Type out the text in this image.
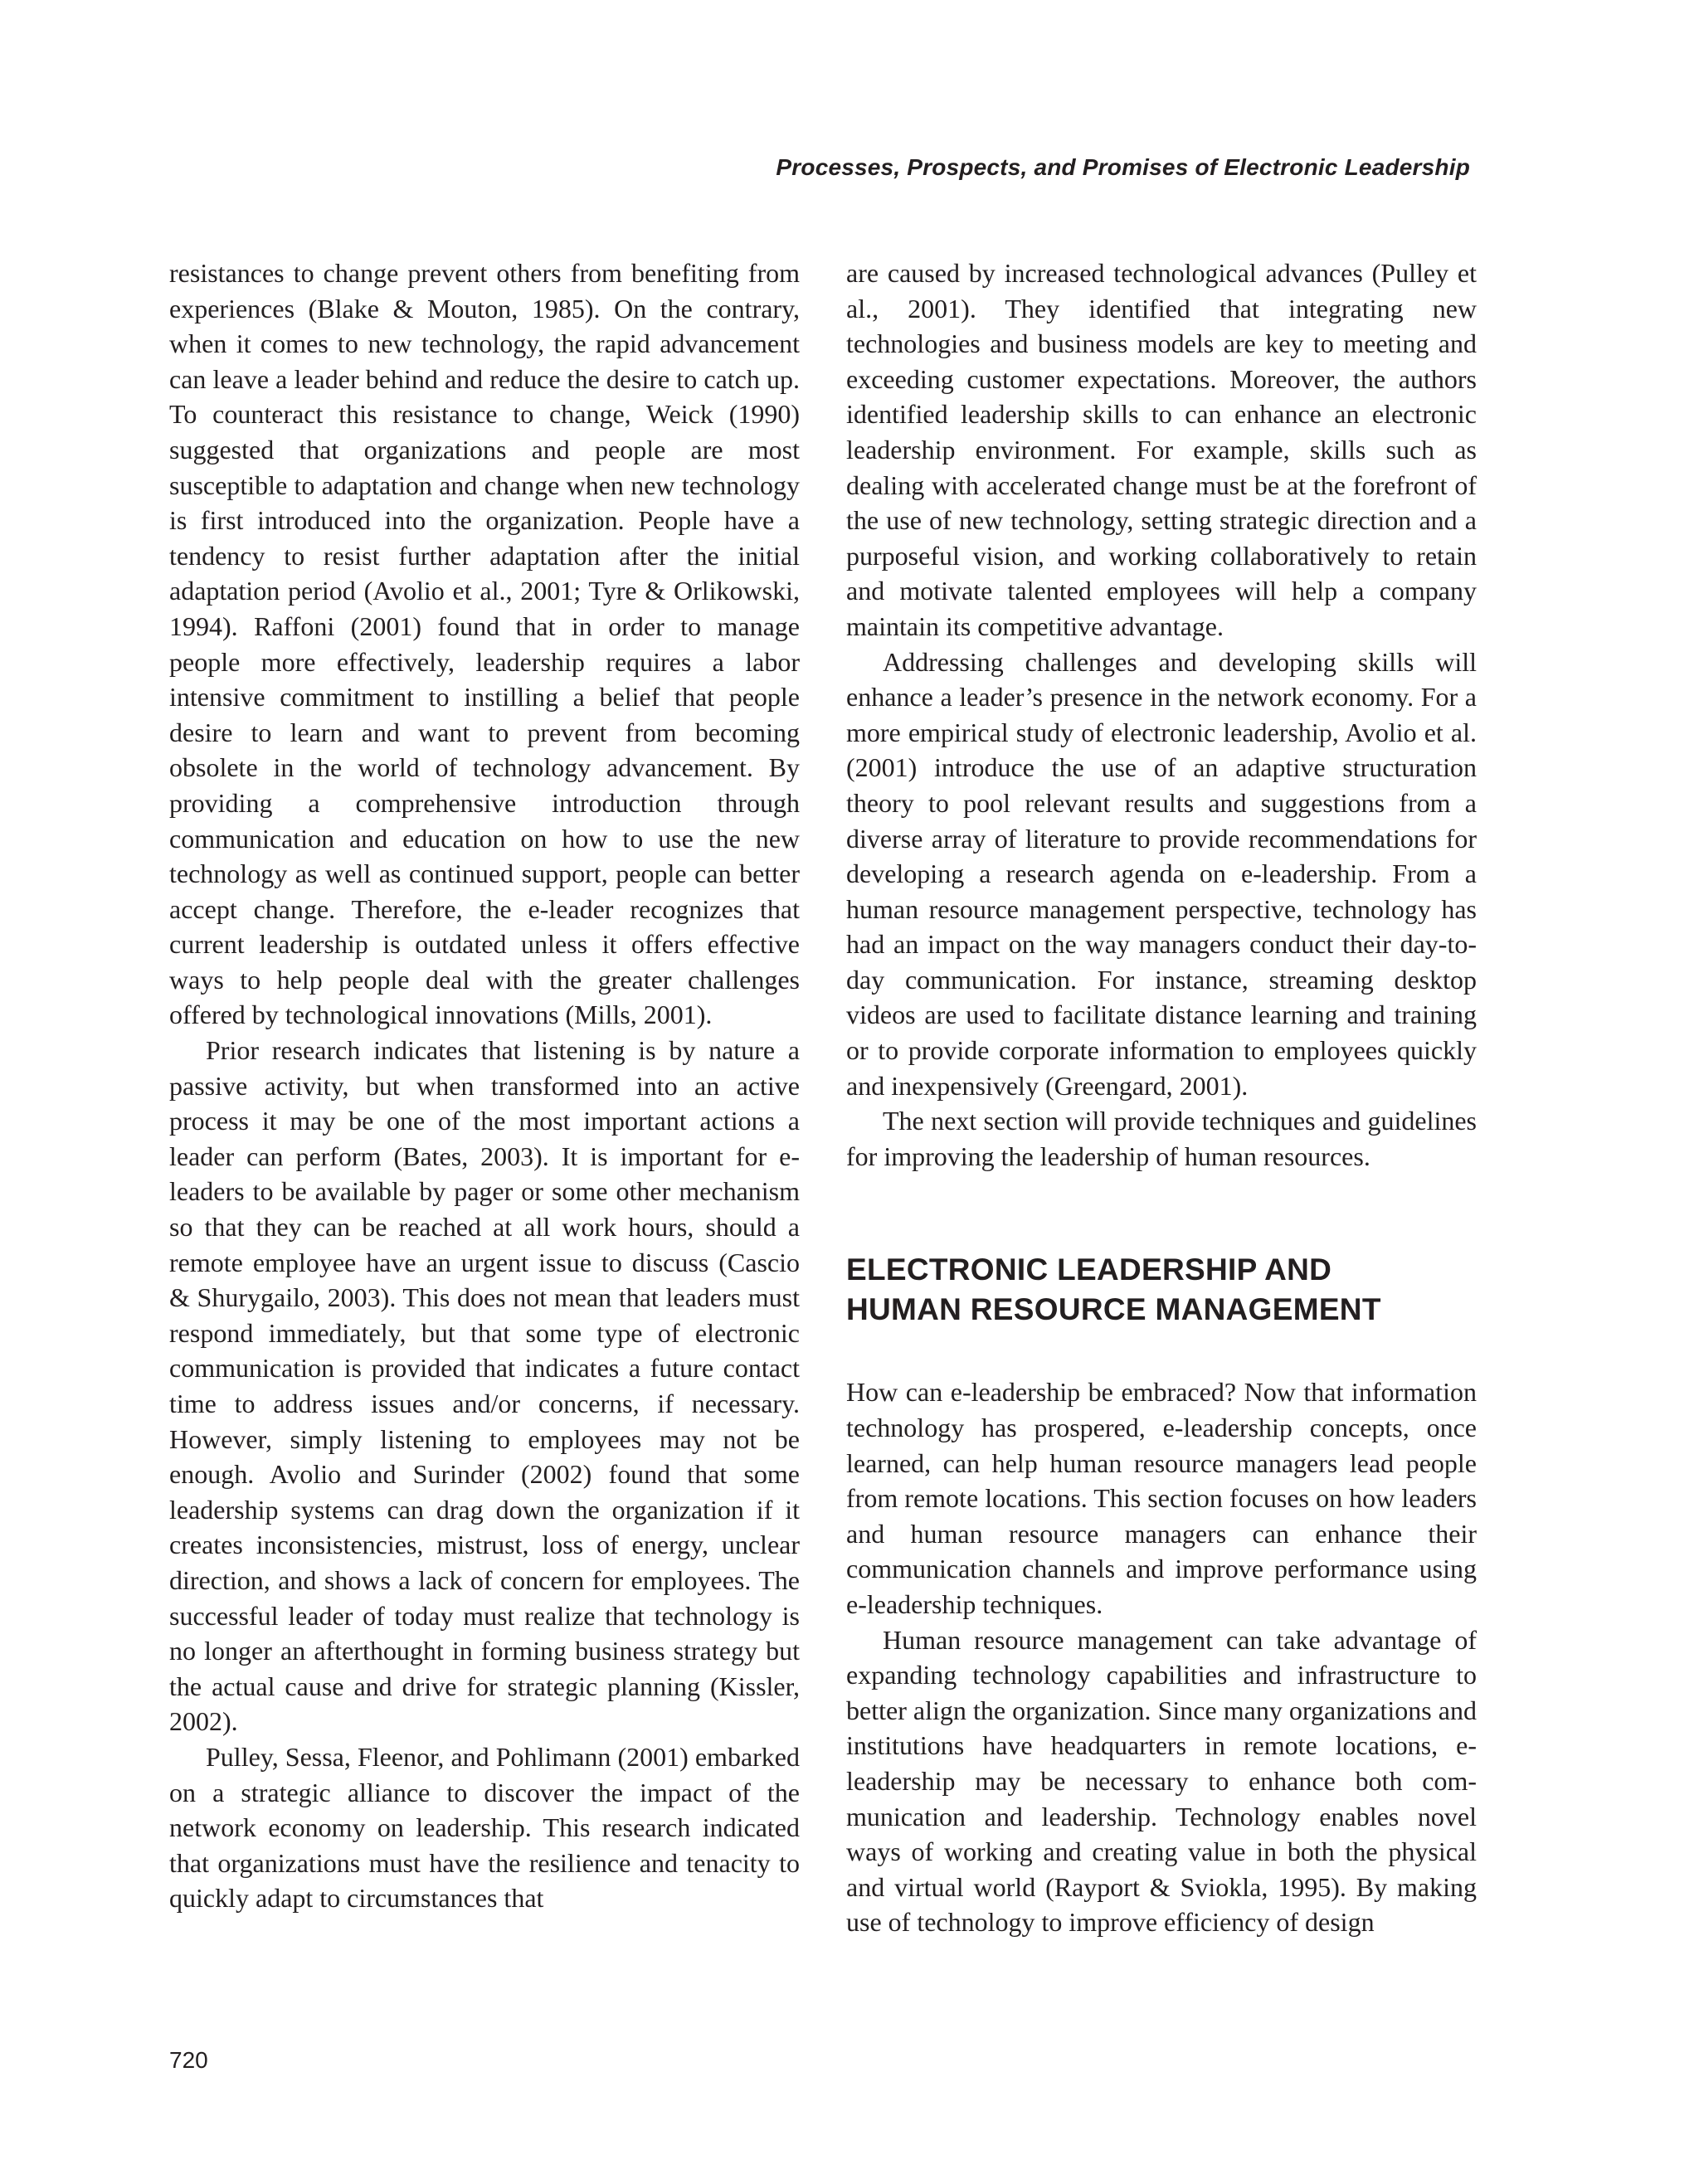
Processes, Prospects, and Promises of Electronic Leadership

resistances to change prevent others from benefiting from experiences (Blake & Mouton, 1985). On the contrary, when it comes to new technology, the rapid advancement can leave a leader behind and reduce the desire to catch up. To counteract this resistance to change, Weick (1990) suggested that organizations and people are most susceptible to adaptation and change when new technology is first introduced into the organization. People have a tendency to resist further adaptation after the initial adaptation period (Avolio et al., 2001; Tyre & Orlikowski, 1994). Raffoni (2001) found that in order to manage people more effectively, leadership requires a labor intensive commitment to instilling a belief that people desire to learn and want to prevent from becoming obsolete in the world of technology advancement. By providing a comprehensive introduction through communication and education on how to use the new technology as well as continued support, people can better accept change. Therefore, the e-leader recognizes that current leadership is outdated unless it offers effective ways to help people deal with the greater challenges offered by technological innovations (Mills, 2001).

Prior research indicates that listening is by nature a passive activity, but when transformed into an active process it may be one of the most important actions a leader can perform (Bates, 2003). It is important for e-leaders to be available by pager or some other mechanism so that they can be reached at all work hours, should a remote employee have an urgent issue to discuss (Cascio & Shurygailo, 2003). This does not mean that leaders must respond immediately, but that some type of electronic communication is provided that indicates a future contact time to address issues and/or concerns, if necessary. However, simply listening to employees may not be enough. Avolio and Surinder (2002) found that some leadership systems can drag down the organization if it creates inconsistencies, mistrust, loss of energy, unclear direction, and shows a lack of concern for employees. The successful leader of today must realize that technology is no longer an afterthought in forming business strategy but the actual cause and drive for strategic planning (Kissler, 2002).

Pulley, Sessa, Fleenor, and Pohlimann (2001) embarked on a strategic alliance to discover the impact of the network economy on leadership. This research indicated that organizations must have the resilience and tenacity to quickly adapt to circumstances that

are caused by increased technological advances (Pulley et al., 2001). They identified that integrating new technologies and business models are key to meeting and exceeding customer expectations. Moreover, the authors identified leadership skills to can enhance an electronic leadership environment. For example, skills such as dealing with accelerated change must be at the forefront of the use of new technology, setting strategic direction and a purposeful vision, and working collaboratively to retain and motivate talented employees will help a company maintain its competitive advantage.

Addressing challenges and developing skills will enhance a leader’s presence in the network economy. For a more empirical study of electronic leadership, Avolio et al. (2001) introduce the use of an adaptive structuration theory to pool relevant results and suggestions from a diverse array of literature to provide recommendations for developing a research agenda on e-leadership. From a human resource management perspective, technology has had an impact on the way managers conduct their day-to-day communication. For instance, streaming desktop videos are used to facilitate distance learning and training or to provide corporate information to employees quickly and inexpensively (Greengard, 2001).

The next section will provide techniques and guidelines for improving the leadership of human resources.

ELECTRONIC LEADERSHIP AND
HUMAN RESOURCE MANAGEMENT

How can e-leadership be embraced? Now that information technology has prospered, e-leadership concepts, once learned, can help human resource managers lead people from remote locations. This section focuses on how leaders and human resource managers can enhance their communication channels and improve performance using e-leadership techniques.

Human resource management can take advantage of expanding technology capabilities and infrastructure to better align the organization. Since many organizations and institutions have headquarters in remote locations, e-leadership may be necessary to enhance both communication and leadership. Technology enables novel ways of working and creating value in both the physical and virtual world (Rayport & Sviokla, 1995). By making use of technology to improve efficiency of design

720
